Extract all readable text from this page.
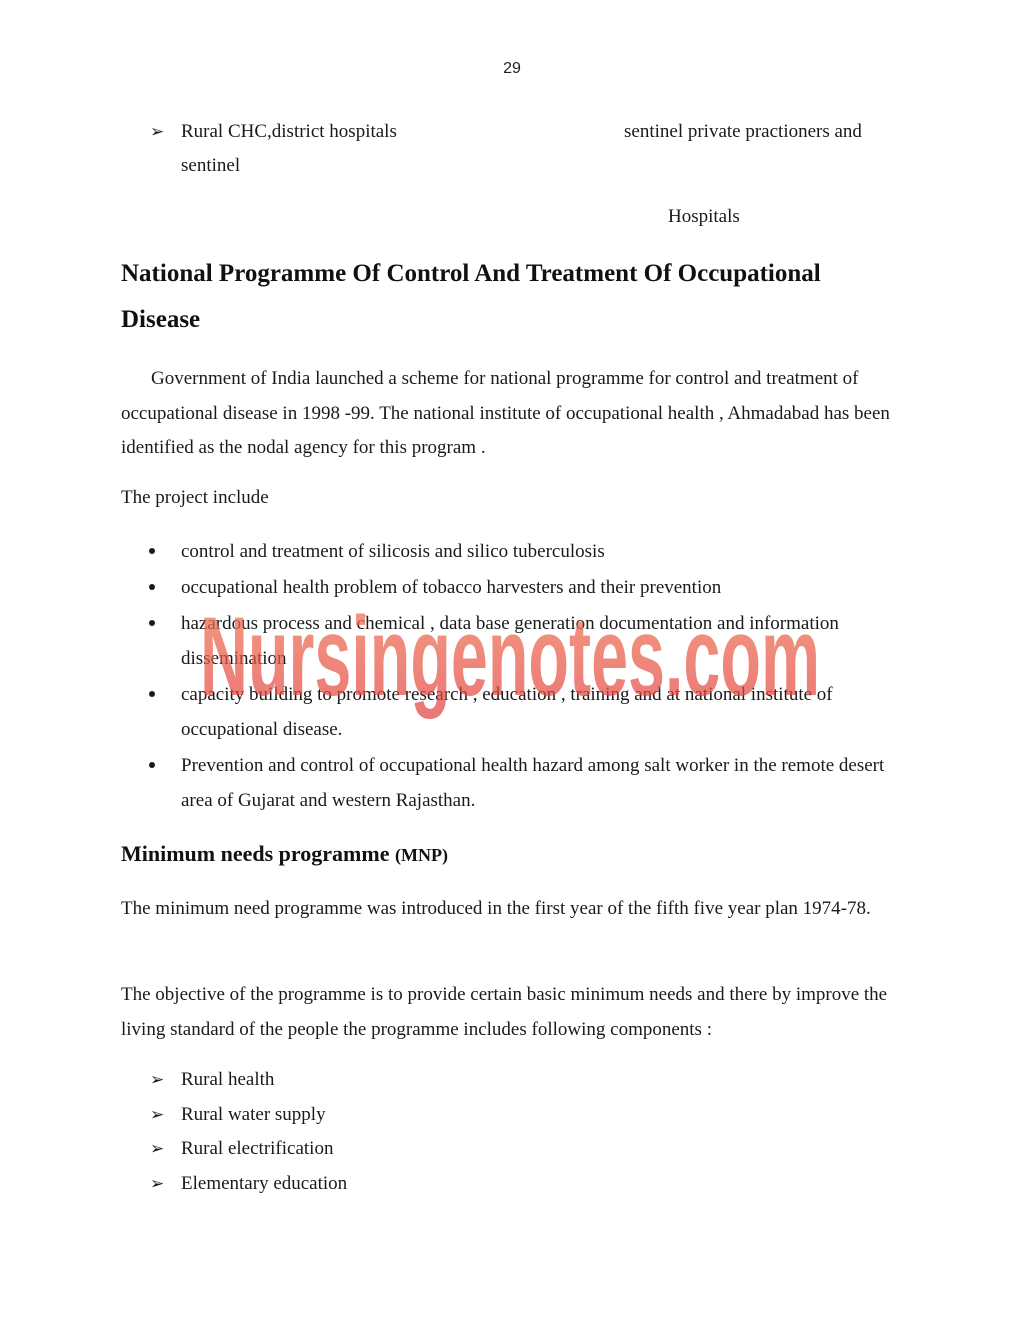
29
➢ Rural CHC,district hospitals
sentinel
sentinel private practioners and
Hospitals
National Programme Of Control And Treatment Of Occupational
Disease
Government of India launched a scheme for national programme for control and treatment of occupational disease in 1998 -99. The national institute of occupational health , Ahmadabad has been identified as the nodal agency for this program .
The project include
control and treatment of silicosis and silico tuberculosis
occupational health problem of tobacco harvesters and their prevention
hazardous process and chemical , data base generation documentation and information dissemination
capacity building to promote research , education , training and at national institute of occupational disease.
Prevention and control of occupational health hazard among salt worker in the remote desert area of Gujarat and western Rajasthan.
Nursingenotes.com
Minimum needs programme (MNP)
The minimum need programme was introduced in the first year of the fifth five year plan 1974-78.
The objective of the programme is to provide certain basic minimum needs and there by improve the living standard of the people the programme includes following components :
➢ Rural health
➢ Rural water supply
➢ Rural electrification
➢ Elementary education
